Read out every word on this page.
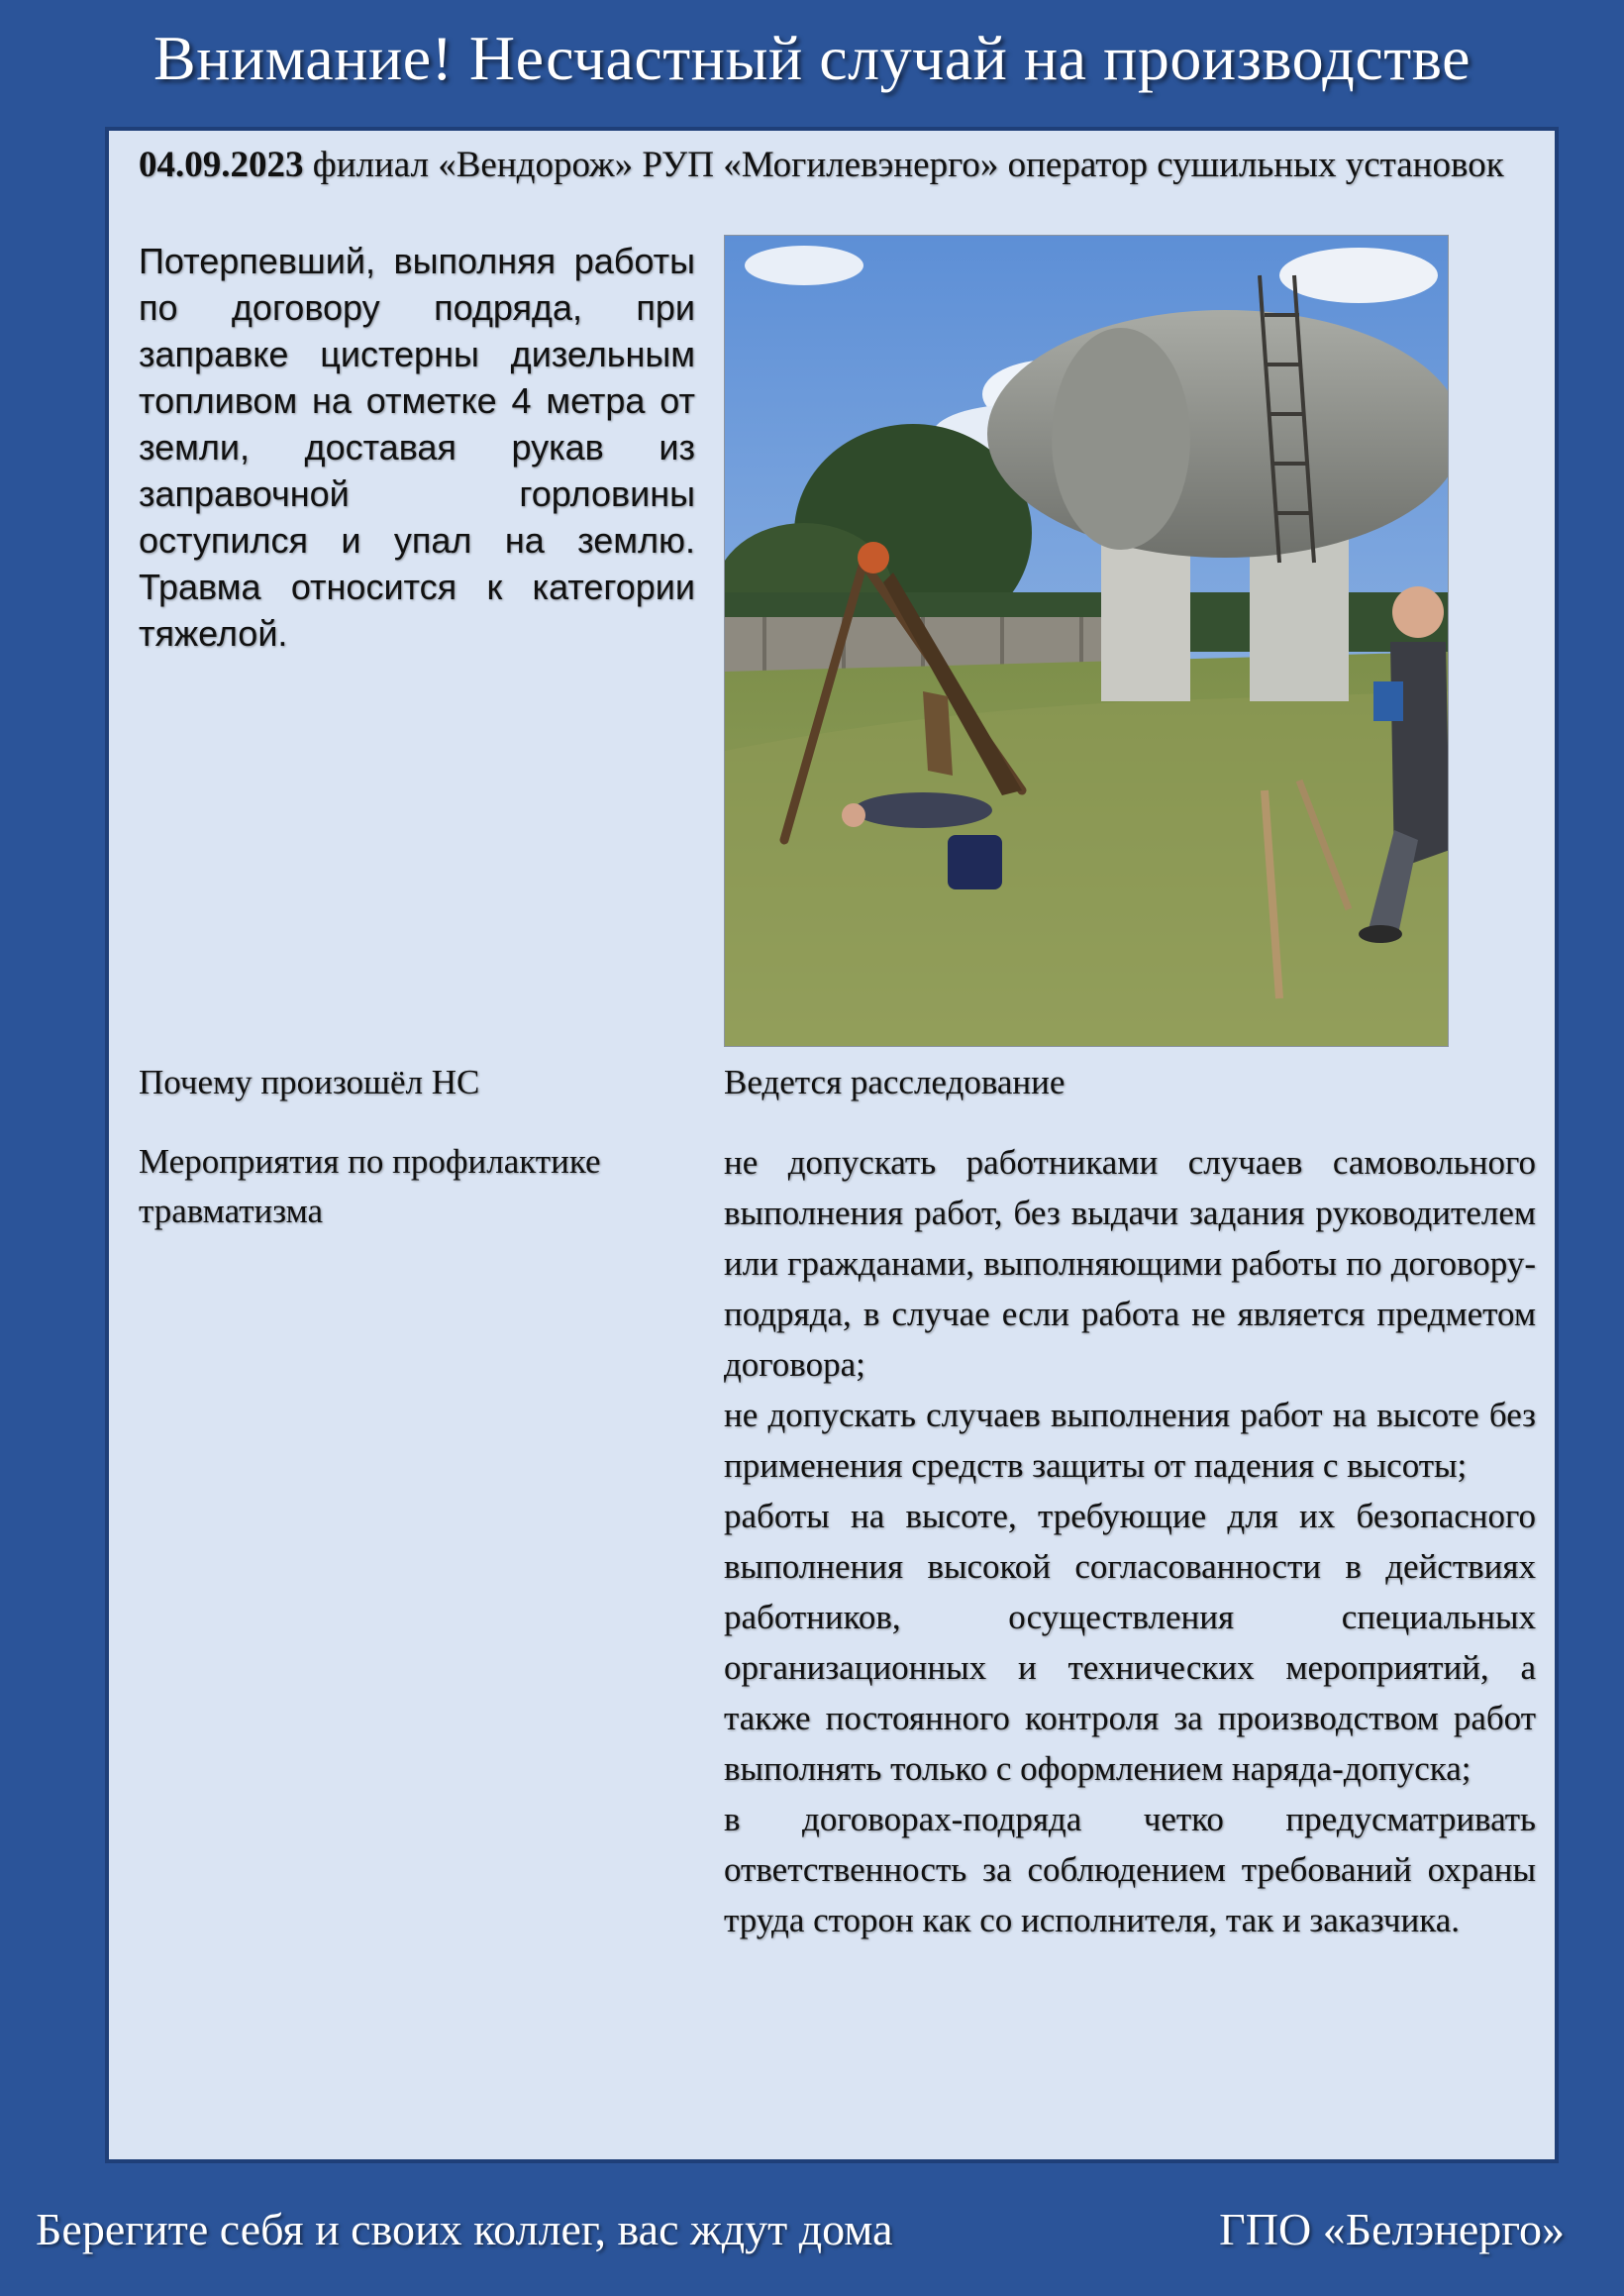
Внимание! Несчастный случай на производстве
04.09.2023 филиал «Вендорож» РУП «Могилевэнерго» оператор сушильных установок
Потерпевший, выполняя работы по договору подряда, при заправке цистерны дизельным топливом на отметке 4 метра от земли, доставая рукав из заправочной горловины оступился и упал на землю. Травма относится к категории тяжелой.
Почему произошёл НС	Ведется расследование
Мероприятия по профилактике травматизма

не допускать работниками случаев самовольного выполнения работ, без выдачи задания руководителем или гражданами, выполняющими работы по договору-подряда, в случае если работа не является предметом договора;

не допускать случаев выполнения работ на высоте без применения средств защиты от падения с высоты;

работы на высоте, требующие для их безопасного выполнения высокой согласованности в действиях работников, осуществления специальных организационных и технических мероприятий, а также постоянного контроля за производством работ выполнять только с оформлением наряда-допуска;

в договорах-подряда четко предусматривать ответственность за соблюдением требований охраны труда сторон как со исполнителя, так и заказчика.

Берегите себя и своих коллег, вас ждут дома	ГПО «Белэнерго»
